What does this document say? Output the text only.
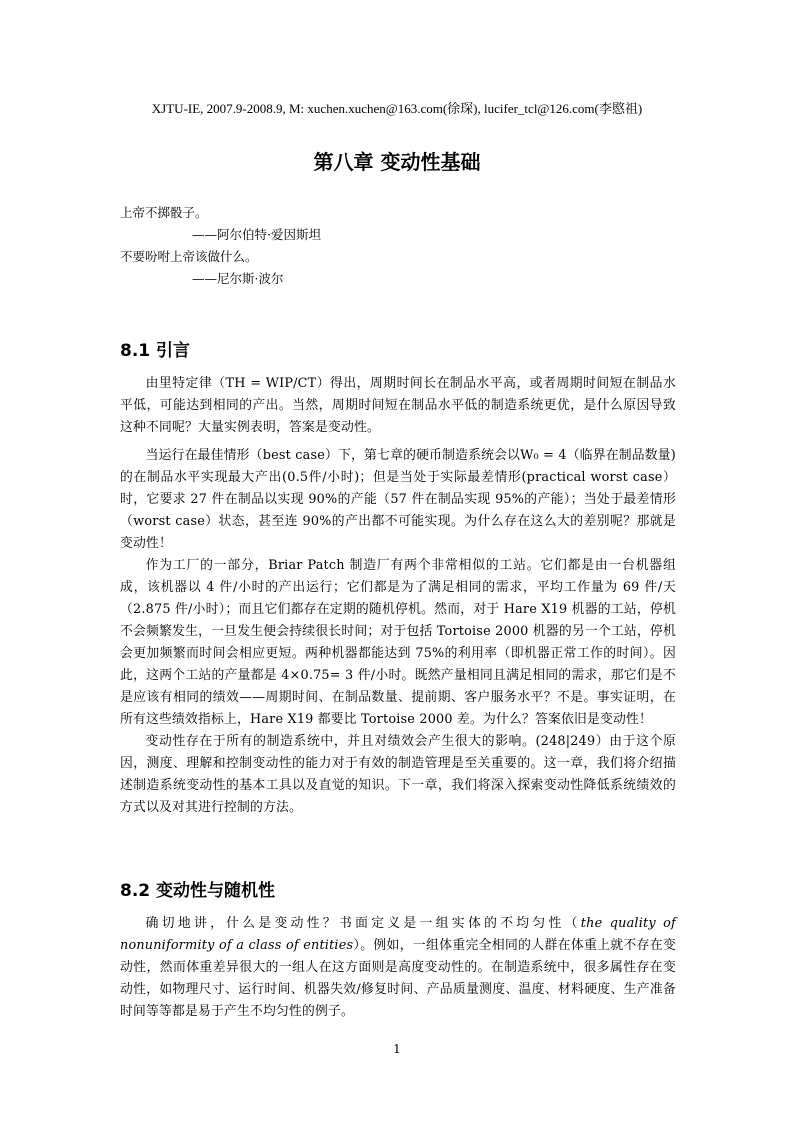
XJTU-IE, 2007.9-2008.9, M: xuchen.xuchen@163.com(徐琛), lucifer_tcl@126.com(李愍祖)
第八章 变动性基础
上帝不掷骰子。
——阿尔伯特·爱因斯坦
不要吩咐上帝该做什么。
——尼尔斯·波尔
8.1 引言

由里特定律（TH = WIP/CT）得出，周期时间长在制品水平高，或者周期时间短在制品水平低，可能达到相同的产出。当然，周期时间短在制品水平低的制造系统更优，是什么原因导致这种不同呢？大量实例表明，答案是变动性。

当运行在最佳情形（best case）下，第七章的硬币制造系统会以W₀ = 4（临界在制品数量)的在制品水平实现最大产出(0.5件/小时)；但是当处于实际最差情形(practical worst case）时，它要求 27 件在制品以实现 90%的产能（57 件在制品实现 95%的产能）；当处于最差情形（worst case）状态，甚至连 90%的产出都不可能实现。为什么存在这么大的差别呢？那就是变动性！

作为工厂的一部分，Briar Patch 制造厂有两个非常相似的工站。它们都是由一台机器组成，该机器以 4 件/小时的产出运行；它们都是为了满足相同的需求，平均工作量为 69 件/天（2.875 件/小时）；而且它们都存在定期的随机停机。然而，对于 Hare X19 机器的工站，停机不会频繁发生，一旦发生便会持续很长时间；对于包括 Tortoise 2000 机器的另一个工站，停机会更加频繁而时间会相应更短。两种机器都能达到 75%的利用率（即机器正常工作的时间）。因此，这两个工站的产量都是 4×0.75= 3 件/小时。既然产量相同且满足相同的需求，那它们是不是应该有相同的绩效——周期时间、在制品数量、提前期、客户服务水平？不是。事实证明，在所有这些绩效指标上，Hare X19 都要比 Tortoise 2000 差。为什么？答案依旧是变动性！

变动性存在于所有的制造系统中，并且对绩效会产生很大的影响。(248|249）由于这个原因，测度、理解和控制变动性的能力对于有效的制造管理是至关重要的。这一章，我们将介绍描述制造系统变动性的基本工具以及直觉的知识。下一章，我们将深入探索变动性降低系统绩效的方式以及对其进行控制的方法。

8.2 变动性与随机性

确切地讲，什么是变动性？书面定义是一组实体的不均匀性（the quality of nonuniformity of a class of entities）。例如，一组体重完全相同的人群在体重上就不存在变动性，然而体重差异很大的一组人在这方面则是高度变动性的。在制造系统中，很多属性存在变动性，如物理尺寸、运行时间、机器失效/修复时间、产品质量测度、温度、材料硬度、生产准备时间等等都是易于产生不均匀性的例子。

1
